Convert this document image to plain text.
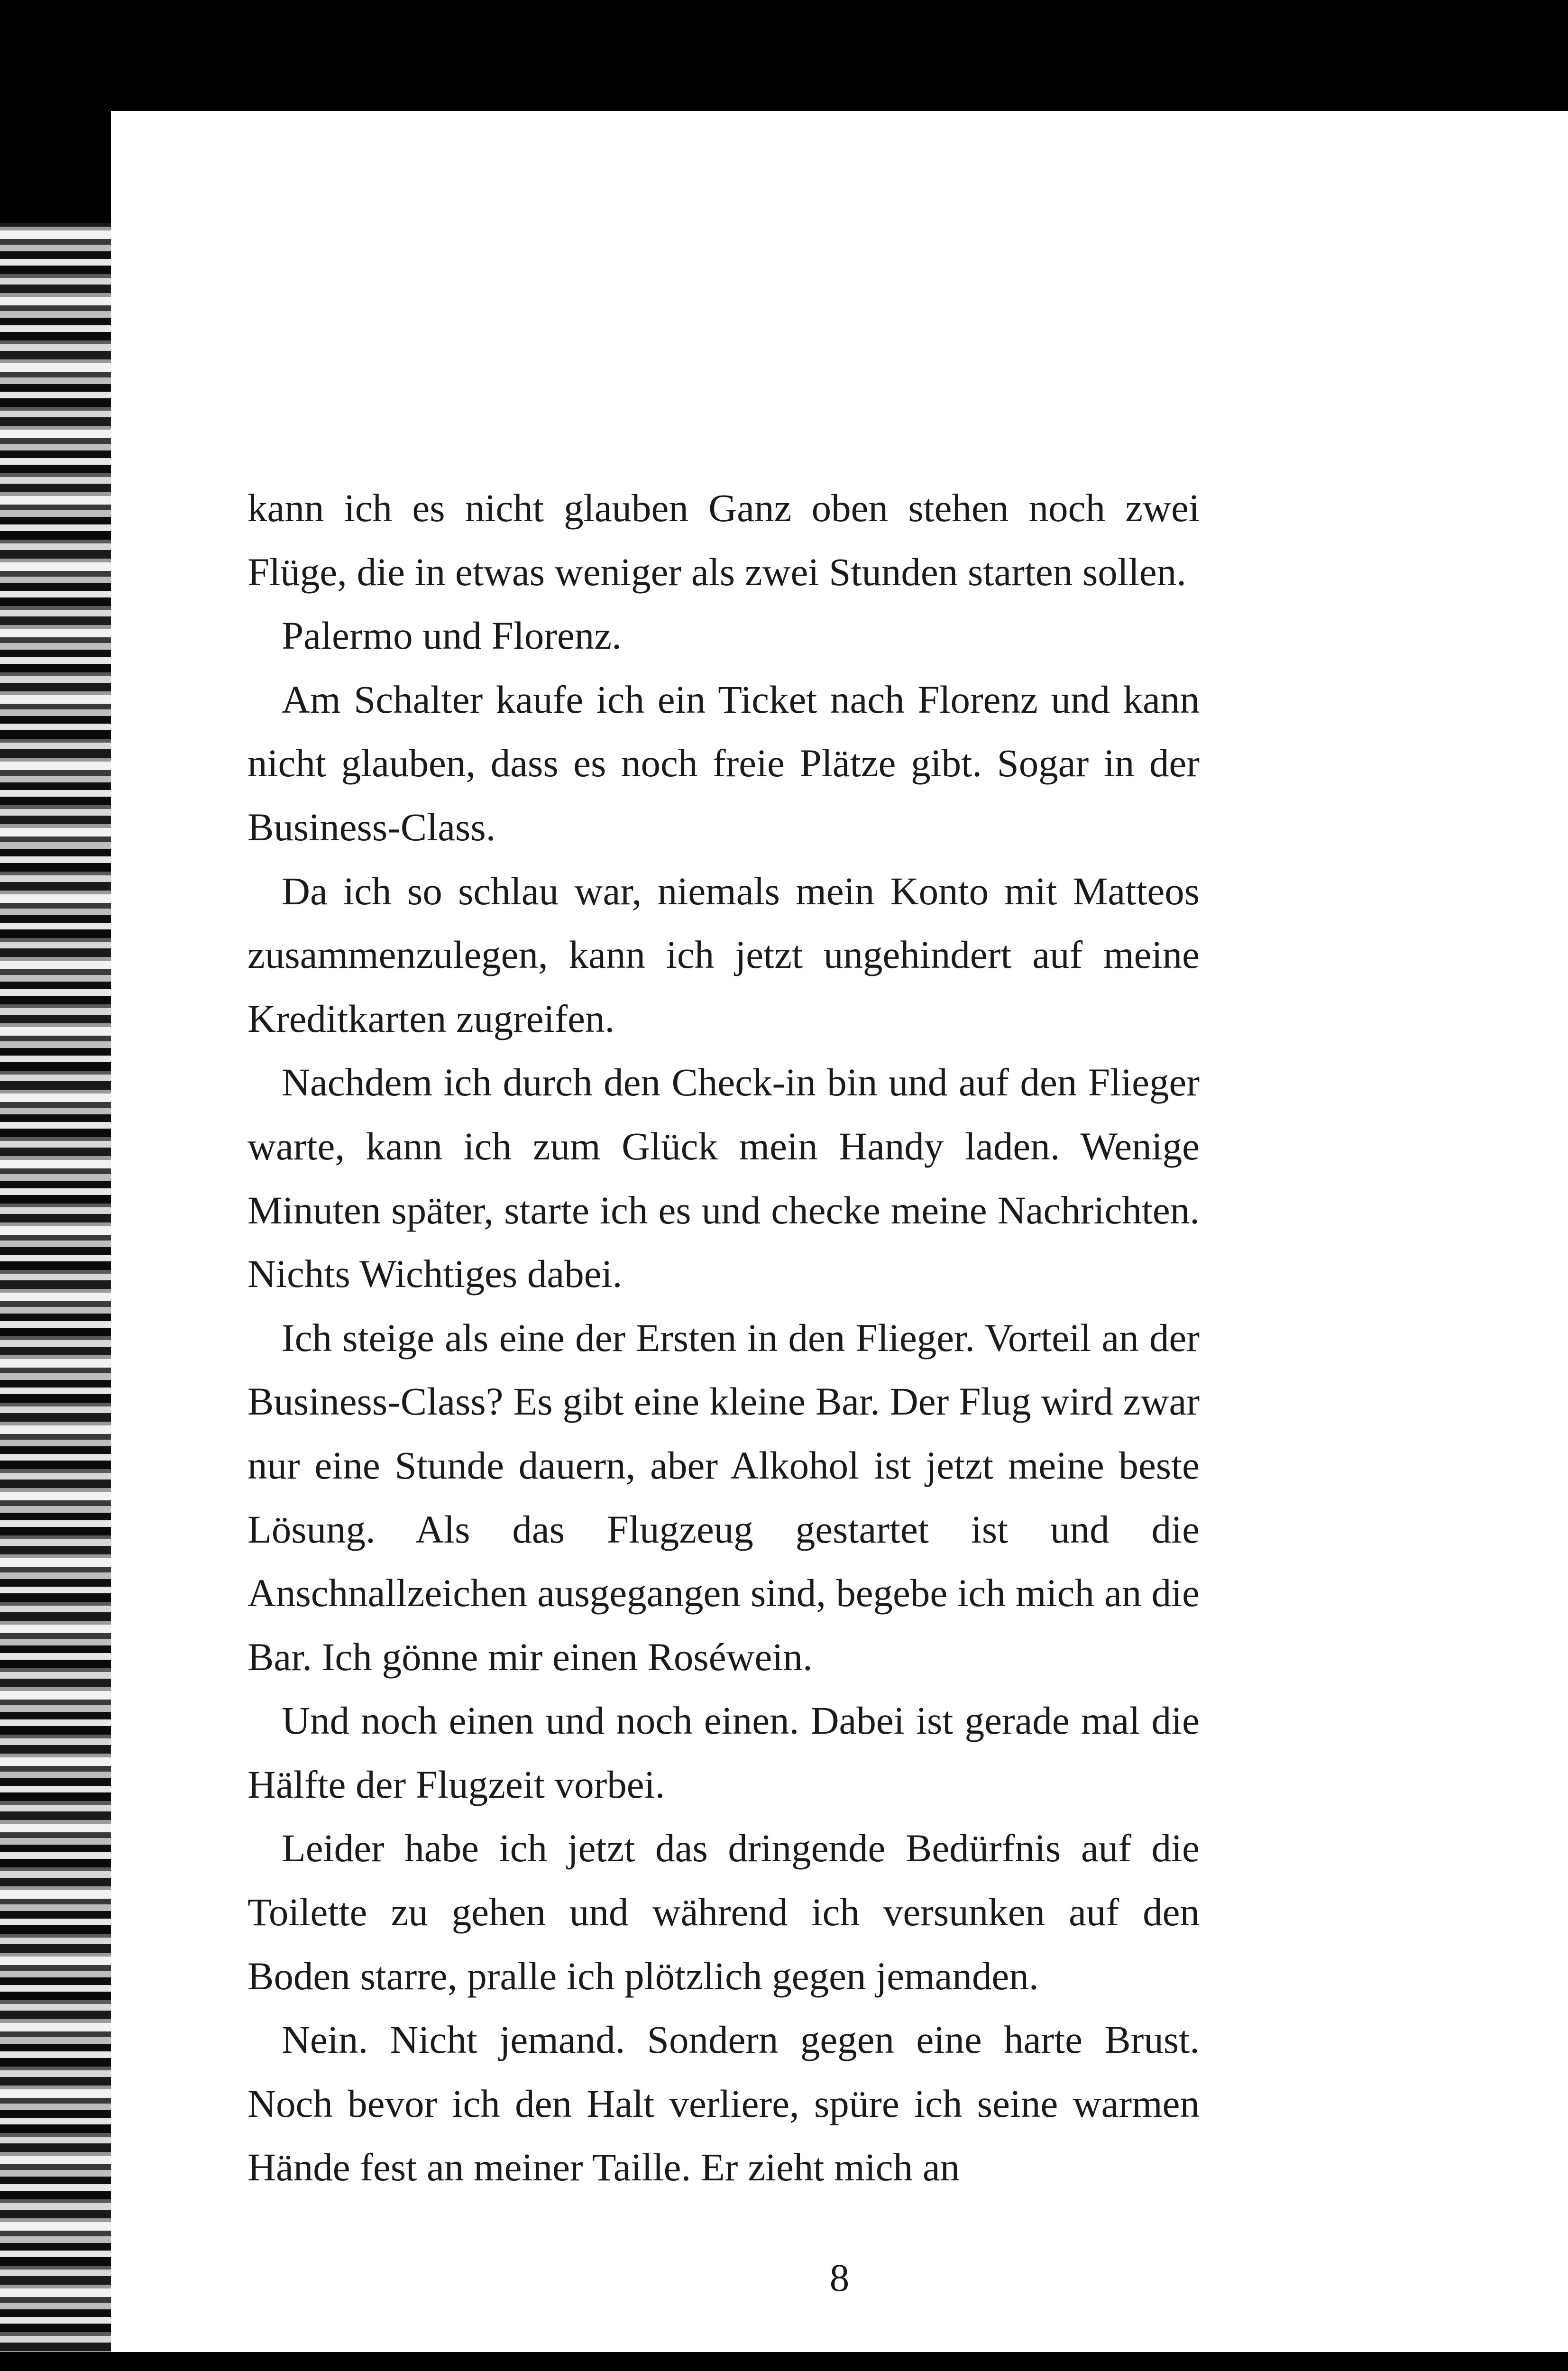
kann ich es nicht glauben Ganz oben stehen noch zwei Flüge, die in etwas weniger als zwei Stunden starten sollen.

Palermo und Florenz.

Am Schalter kaufe ich ein Ticket nach Florenz und kann nicht glauben, dass es noch freie Plätze gibt. Sogar in der Business-Class.

Da ich so schlau war, niemals mein Konto mit Matteos zusammenzulegen, kann ich jetzt ungehindert auf meine Kreditkarten zugreifen.

Nachdem ich durch den Check-in bin und auf den Flieger warte, kann ich zum Glück mein Handy laden. Wenige Minuten später, starte ich es und checke meine Nachrichten. Nichts Wichtiges dabei.

Ich steige als eine der Ersten in den Flieger. Vorteil an der Business-Class? Es gibt eine kleine Bar. Der Flug wird zwar nur eine Stunde dauern, aber Alkohol ist jetzt meine beste Lösung. Als das Flugzeug gestartet ist und die Anschnallzeichen ausgegangen sind, begebe ich mich an die Bar. Ich gönne mir einen Roséwein.

Und noch einen und noch einen. Dabei ist gerade mal die Hälfte der Flugzeit vorbei.

Leider habe ich jetzt das dringende Bedürfnis auf die Toilette zu gehen und während ich versunken auf den Boden starre, pralle ich plötzlich gegen jemanden.

Nein. Nicht jemand. Sondern gegen eine harte Brust. Noch bevor ich den Halt verliere, spüre ich seine warmen Hände fest an meiner Taille. Er zieht mich an

8
